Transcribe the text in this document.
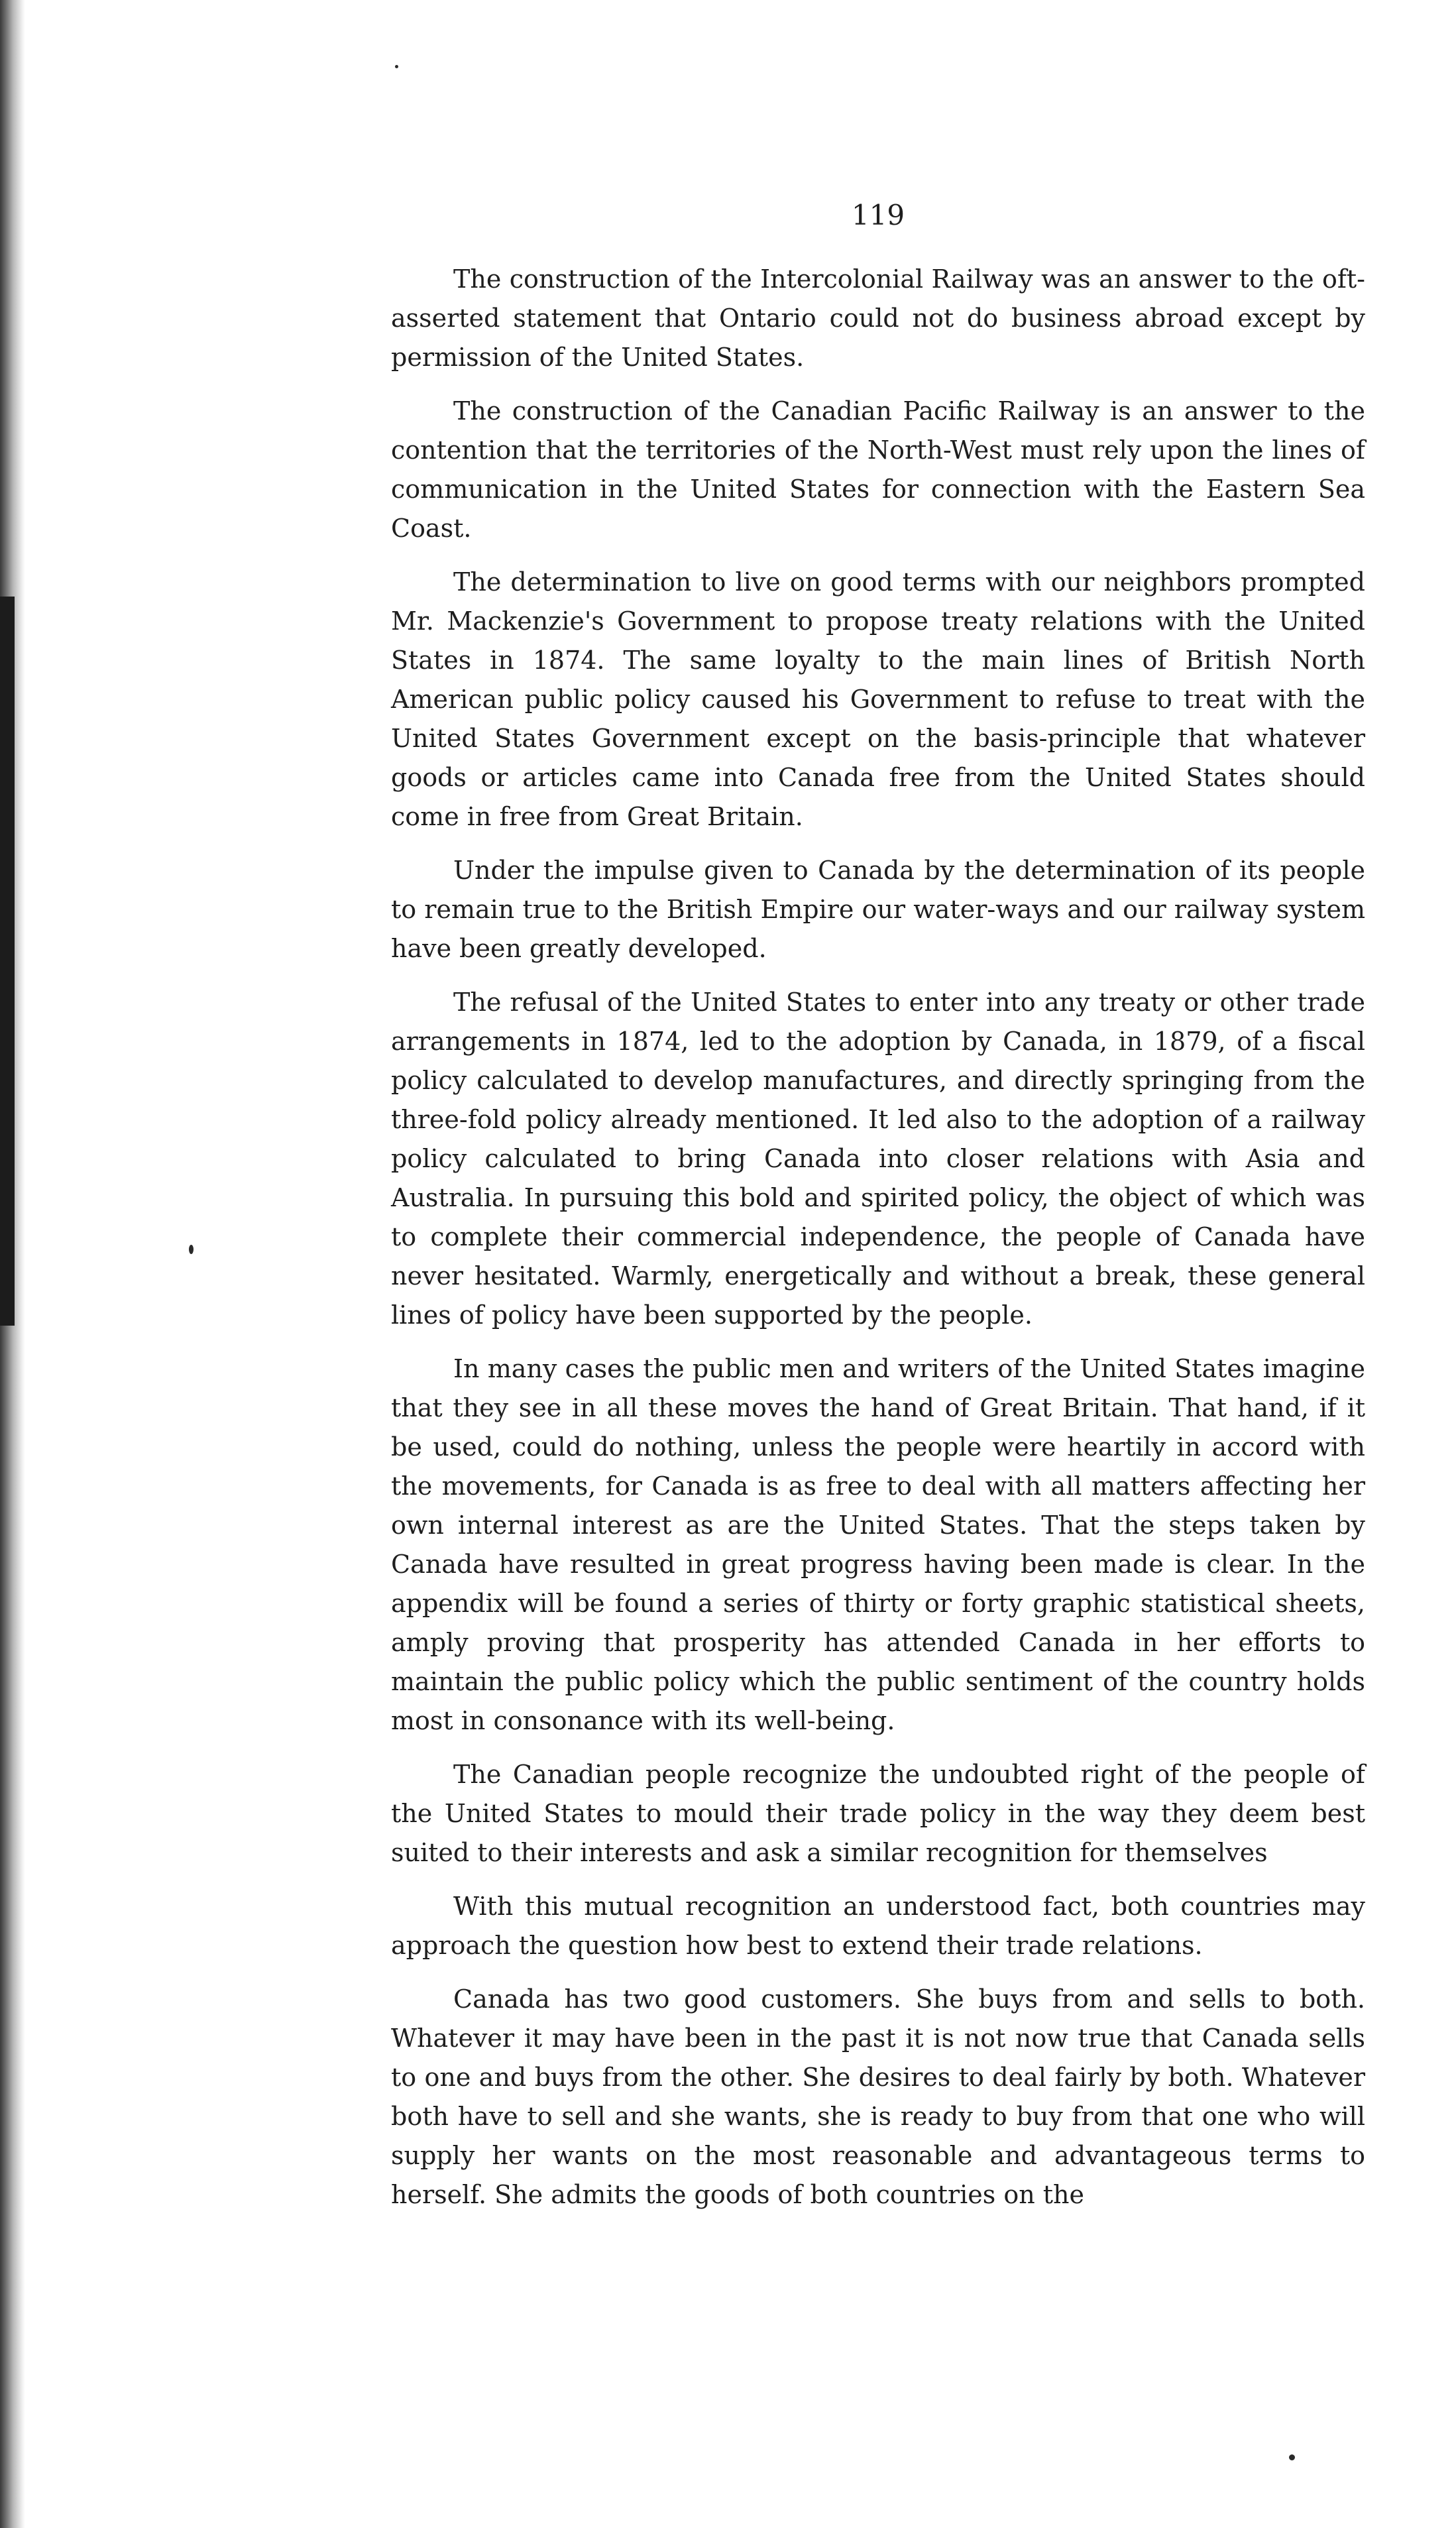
119

The construction of the Intercolonial Railway was an answer to the oft-asserted statement that Ontario could not do business abroad except by permission of the United States.

The construction of the Canadian Pacific Railway is an answer to the contention that the territories of the North-West must rely upon the lines of communication in the United States for connection with the Eastern Sea Coast.

The determination to live on good terms with our neighbors prompted Mr. Mackenzie's Government to propose treaty relations with the United States in 1874. The same loyalty to the main lines of British North American public policy caused his Government to refuse to treat with the United States Government except on the basis-principle that whatever goods or articles came into Canada free from the United States should come in free from Great Britain.

Under the impulse given to Canada by the determination of its people to remain true to the British Empire our water-ways and our railway system have been greatly developed.

The refusal of the United States to enter into any treaty or other trade arrangements in 1874, led to the adoption by Canada, in 1879, of a fiscal policy calculated to develop manufactures, and directly springing from the three-fold policy already mentioned. It led also to the adoption of a railway policy calculated to bring Canada into closer relations with Asia and Australia. In pursuing this bold and spirited policy, the object of which was to complete their commercial independence, the people of Canada have never hesitated. Warmly, energetically and without a break, these general lines of policy have been supported by the people.

In many cases the public men and writers of the United States imagine that they see in all these moves the hand of Great Britain. That hand, if it be used, could do nothing, unless the people were heartily in accord with the movements, for Canada is as free to deal with all matters affecting her own internal interest as are the United States. That the steps taken by Canada have resulted in great progress having been made is clear. In the appendix will be found a series of thirty or forty graphic statistical sheets, amply proving that prosperity has attended Canada in her efforts to maintain the public policy which the public sentiment of the country holds most in consonance with its well-being.

The Canadian people recognize the undoubted right of the people of the United States to mould their trade policy in the way they deem best suited to their interests and ask a similar recognition for themselves

With this mutual recognition an understood fact, both countries may approach the question how best to extend their trade relations.

Canada has two good customers. She buys from and sells to both. Whatever it may have been in the past it is not now true that Canada sells to one and buys from the other. She desires to deal fairly by both. Whatever both have to sell and she wants, she is ready to buy from that one who will supply her wants on the most reasonable and advantageous terms to herself. She admits the goods of both countries on the
